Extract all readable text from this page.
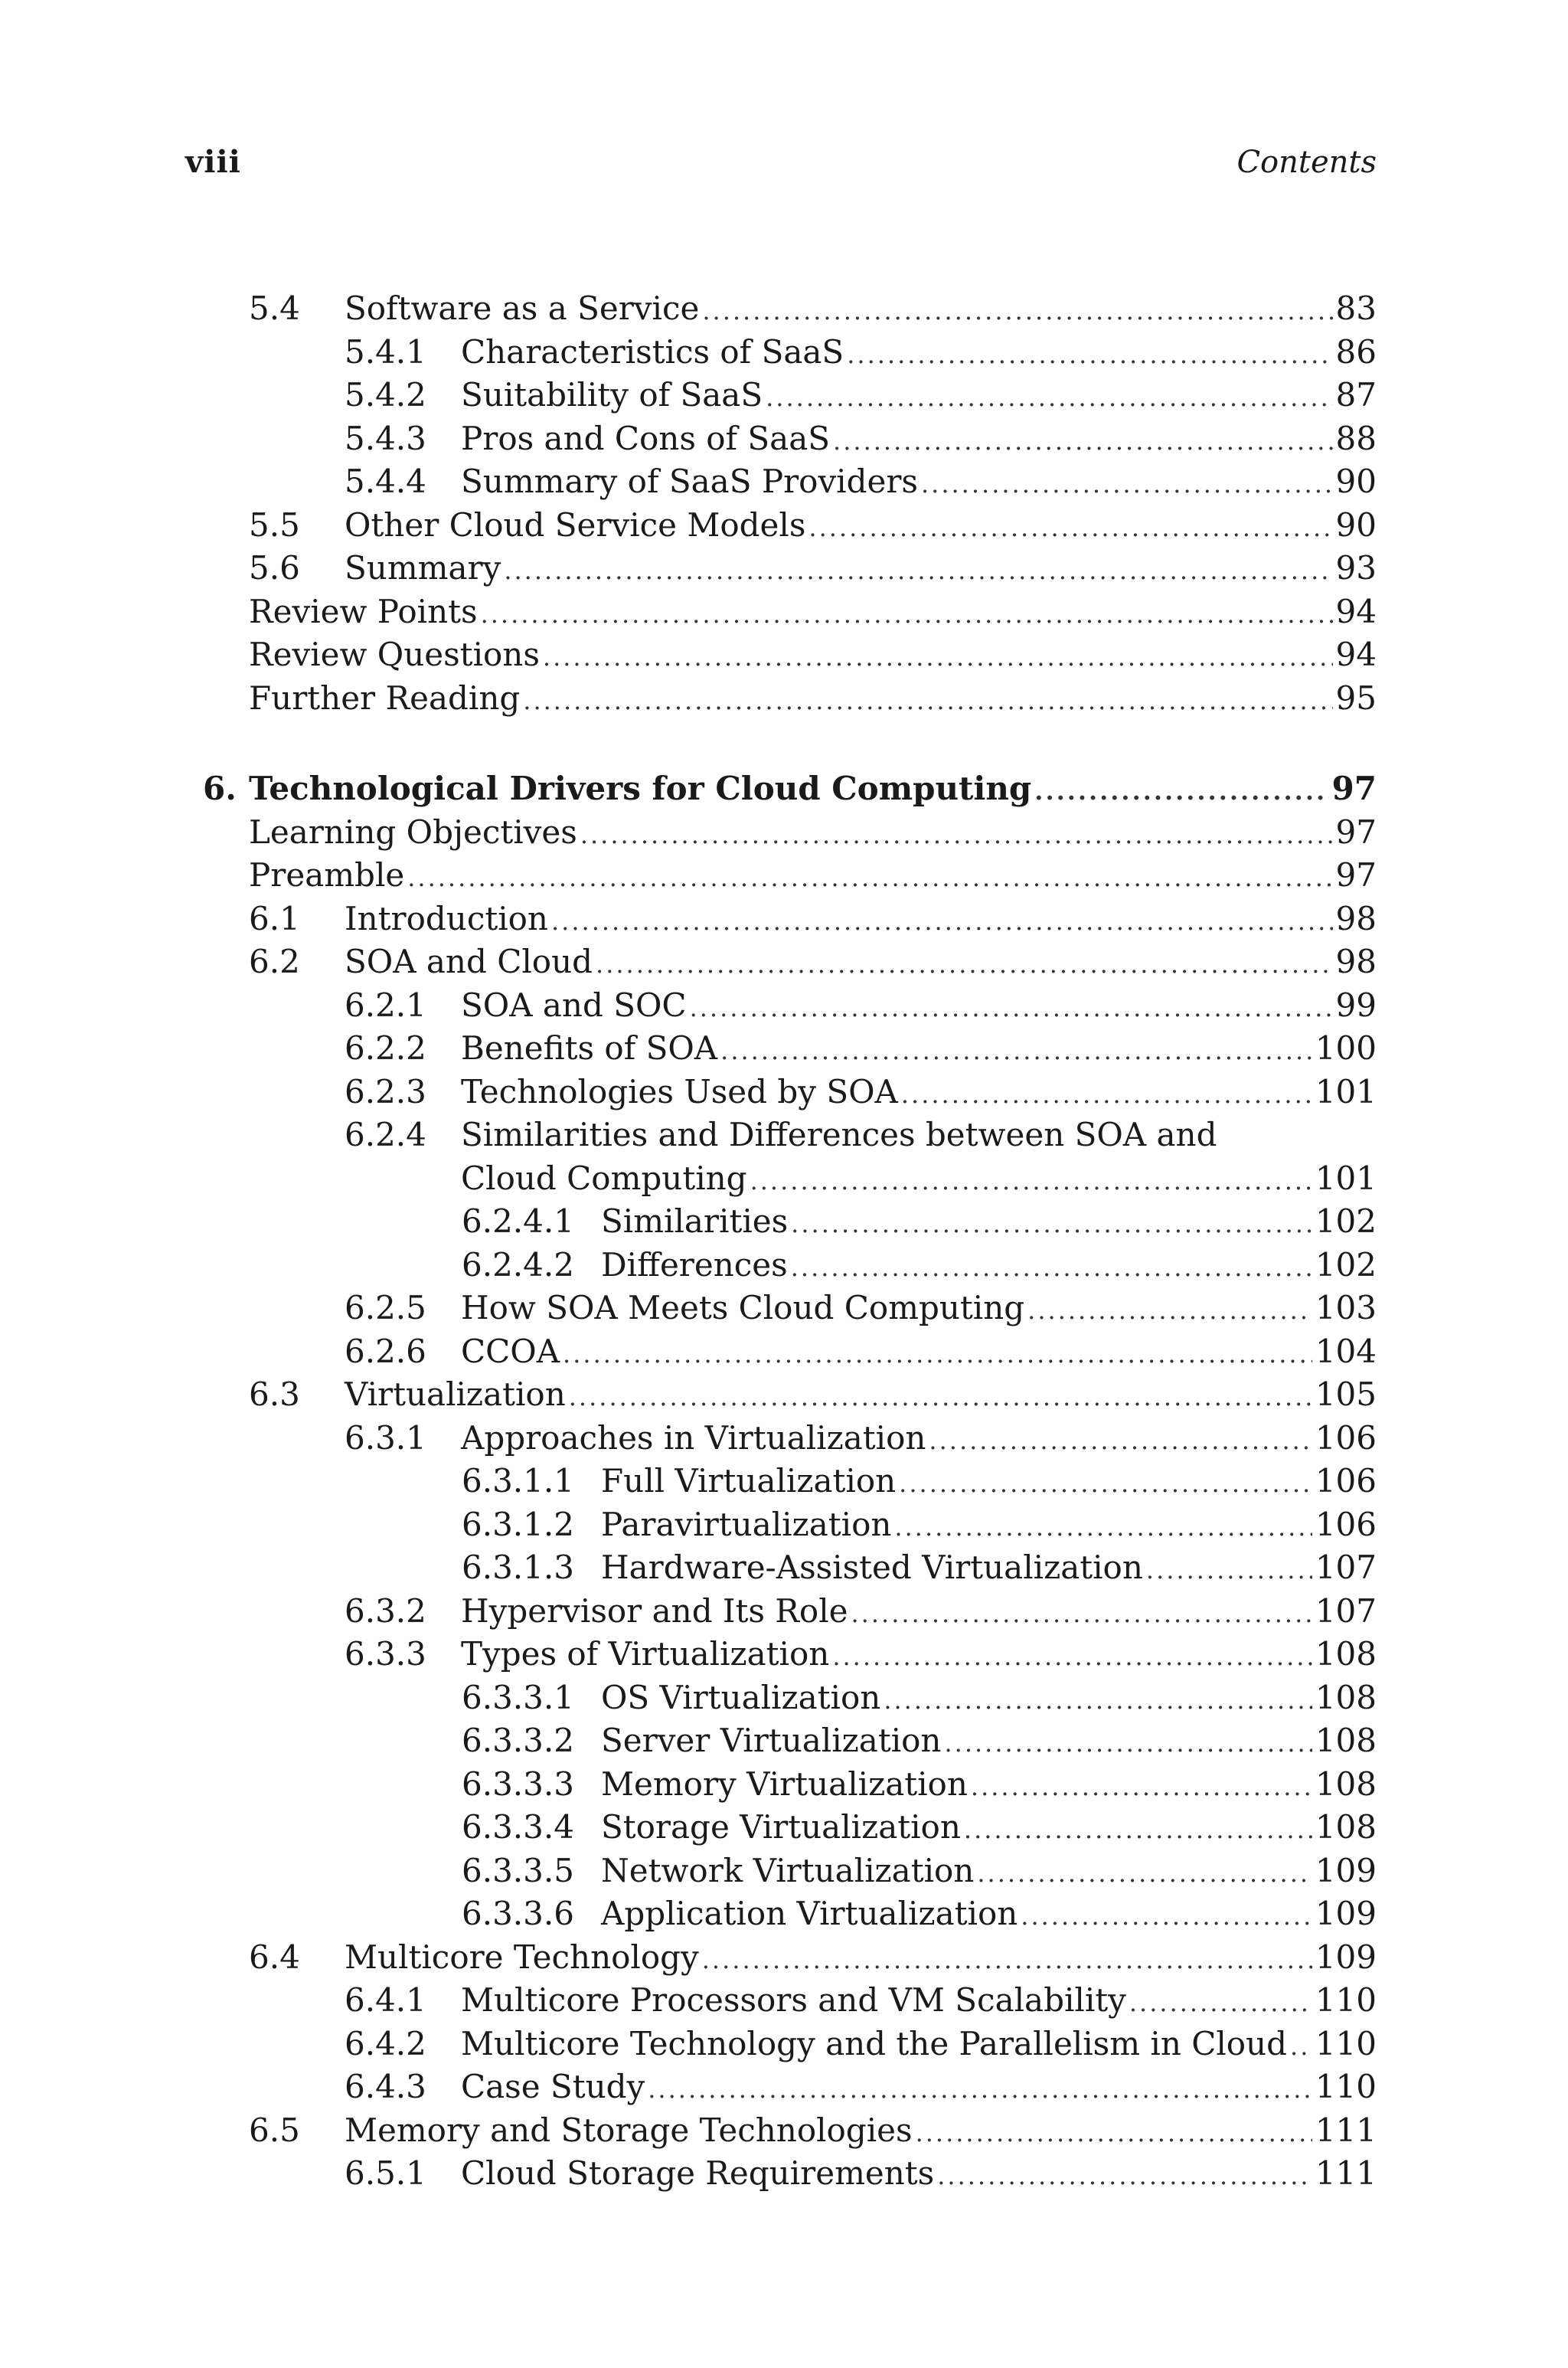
viii	Contents
5.4	Software as a Service .....	83
5.4.1	Characteristics of SaaS .....	86
5.4.2	Suitability of SaaS .....	87
5.4.3	Pros and Cons of SaaS .....	88
5.4.4	Summary of SaaS Providers .....	90
5.5	Other Cloud Service Models .....	90
5.6	Summary .....	93
Review Points .....	94
Review Questions .....	94
Further Reading .....	95
6. Technological Drivers for Cloud Computing .....	97
Learning Objectives .....	97
Preamble .....	97
6.1	Introduction .....	98
6.2	SOA and Cloud .....	98
6.2.1	SOA and SOC .....	99
6.2.2	Benefits of SOA .....	100
6.2.3	Technologies Used by SOA .....	101
6.2.4	Similarities and Differences between SOA and
Cloud Computing .....	101
6.2.4.1 Similarities .....	102
6.2.4.2 Differences .....	102
6.2.5	How SOA Meets Cloud Computing .....	103
6.2.6	CCOA .....	104
6.3	Virtualization .....	105
6.3.1	Approaches in Virtualization .....	106
6.3.1.1 Full Virtualization .....	106
6.3.1.2 Paravirtualization .....	106
6.3.1.3 Hardware-Assisted Virtualization .....	107
6.3.2	Hypervisor and Its Role .....	107
6.3.3	Types of Virtualization .....	108
6.3.3.1 OS Virtualization .....	108
6.3.3.2 Server Virtualization .....	108
6.3.3.3 Memory Virtualization .....	108
6.3.3.4 Storage Virtualization .....	108
6.3.3.5 Network Virtualization .....	109
6.3.3.6 Application Virtualization .....	109
6.4	Multicore Technology .....	109
6.4.1	Multicore Processors and VM Scalability .....	110
6.4.2	Multicore Technology and the Parallelism in Cloud ..... 110
6.4.3	Case Study .....	110
6.5	Memory and Storage Technologies .....	111
6.5.1	Cloud Storage Requirements .....	111
